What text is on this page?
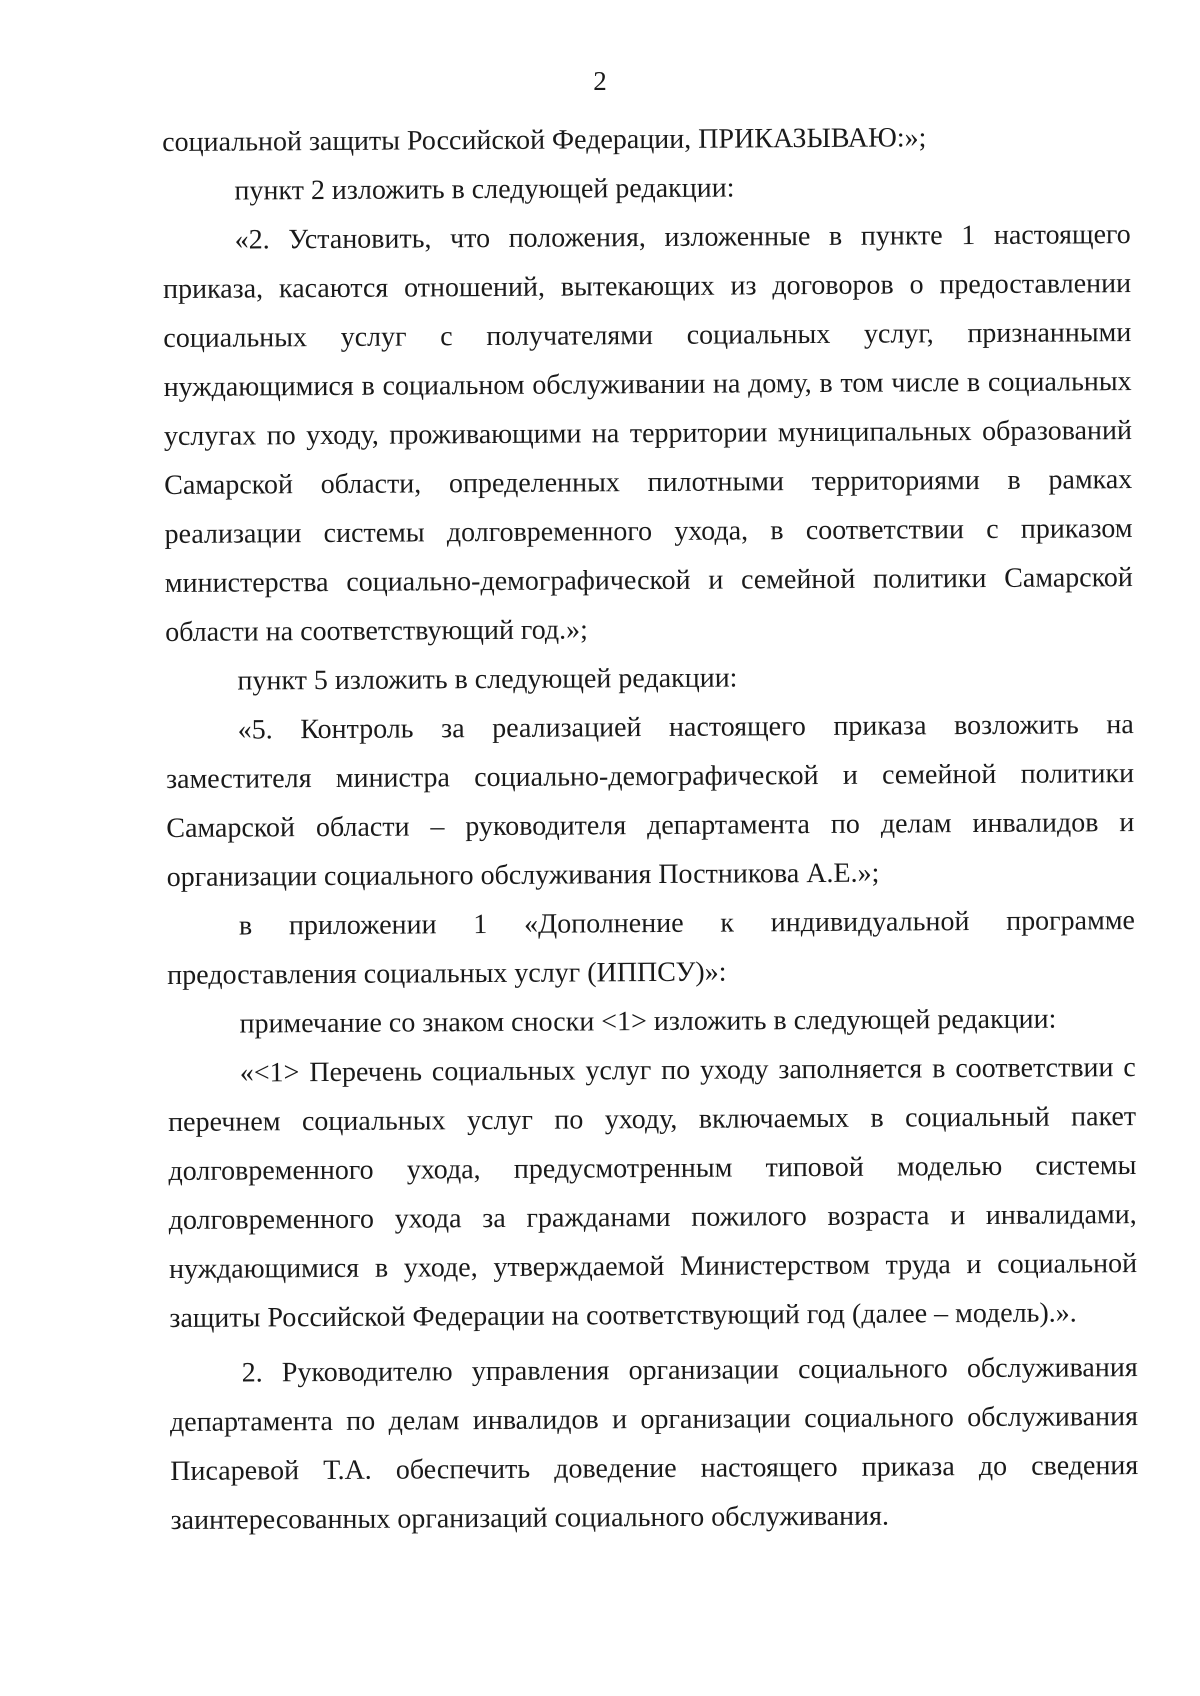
2

социальной защиты Российской Федерации, ПРИКАЗЫВАЮ:»;

пункт 2 изложить в следующей редакции:

«2. Установить, что положения, изложенные в пункте 1 настоящего приказа, касаются отношений, вытекающих из договоров о предоставлении социальных услуг с получателями социальных услуг, признанными нуждающимися в социальном обслуживании на дому, в том числе в социальных услугах по уходу, проживающими на территории муниципальных образований Самарской области, определенных пилотными территориями в рамках реализации системы долговременного ухода, в соответствии с приказом министерства социально-демографической и семейной политики Самарской области на соответствующий год.»;

пункт 5 изложить в следующей редакции:

«5. Контроль за реализацией настоящего приказа возложить на заместителя министра социально-демографической и семейной политики Самарской области – руководителя департамента по делам инвалидов и организации социального обслуживания Постникова А.Е.»;

в приложении 1 «Дополнение к индивидуальной программе предоставления социальных услуг (ИППСУ)»:

примечание со знаком сноски <1> изложить в следующей редакции:

«<1> Перечень социальных услуг по уходу заполняется в соответствии с перечнем социальных услуг по уходу, включаемых в социальный пакет долговременного ухода, предусмотренным типовой моделью системы долговременного ухода за гражданами пожилого возраста и инвалидами, нуждающимися в уходе, утверждаемой Министерством труда и социальной защиты Российской Федерации на соответствующий год (далее – модель).».

2. Руководителю управления организации социального обслуживания департамента по делам инвалидов и организации социального обслуживания Писаревой Т.А. обеспечить доведение настоящего приказа до сведения заинтересованных организаций социального обслуживания.
